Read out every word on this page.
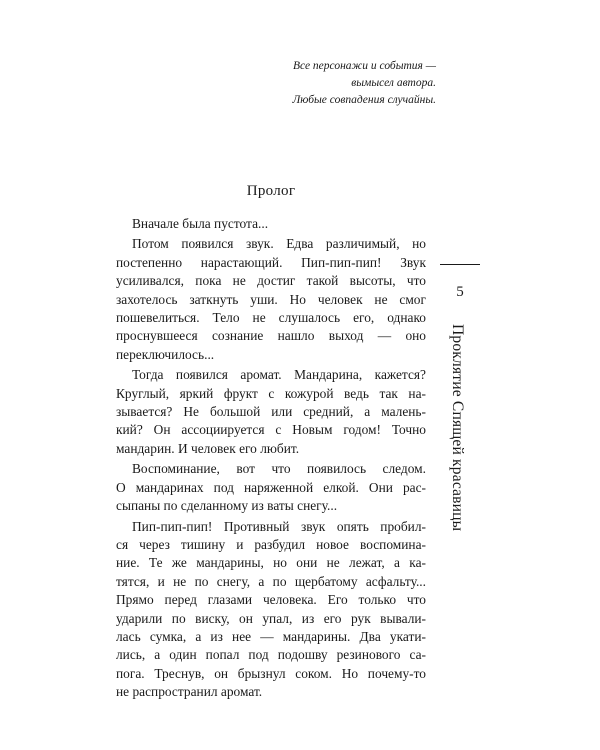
Все персонажи и события —
вымысел автора.
Любые совпадения случайны.
Пролог
Вначале была пустота...
Потом появился звук. Едва различимый, но
постепенно нарастающий. Пип-пип-пип! Звук
усиливался, пока не достиг такой высоты, что
захотелось заткнуть уши. Но человек не смог
пошевелиться. Тело не слушалось его, однако
проснувшееся сознание нашло выход — оно
переключилось...
Тогда появился аромат. Мандарина, кажется?
Круглый, яркий фрукт с кожурой ведь так на-
зывается? Не большой или средний, а малень-
кий? Он ассоциируется с Новым годом! Точно
мандарин. И человек его любит.
Воспоминание, вот что появилось следом.
О мандаринах под наряженной елкой. Они рас-
сыпаны по сделанному из ваты снегу...
Пип-пип-пип! Противный звук опять пробил-
ся через тишину и разбудил новое воспомина-
ние. Те же мандарины, но они не лежат, а ка-
тятся, и не по снегу, а по щербатому асфальту...
Прямо перед глазами человека. Его только что
ударили по виску, он упал, из его рук вывали-
лась сумка, а из нее — мандарины. Два укати-
лись, а один попал под подошву резинового са-
пога. Треснув, он брызнул соком. Но почему-то
не распространил аромат.
5
Проклятие Спящей красавицы
